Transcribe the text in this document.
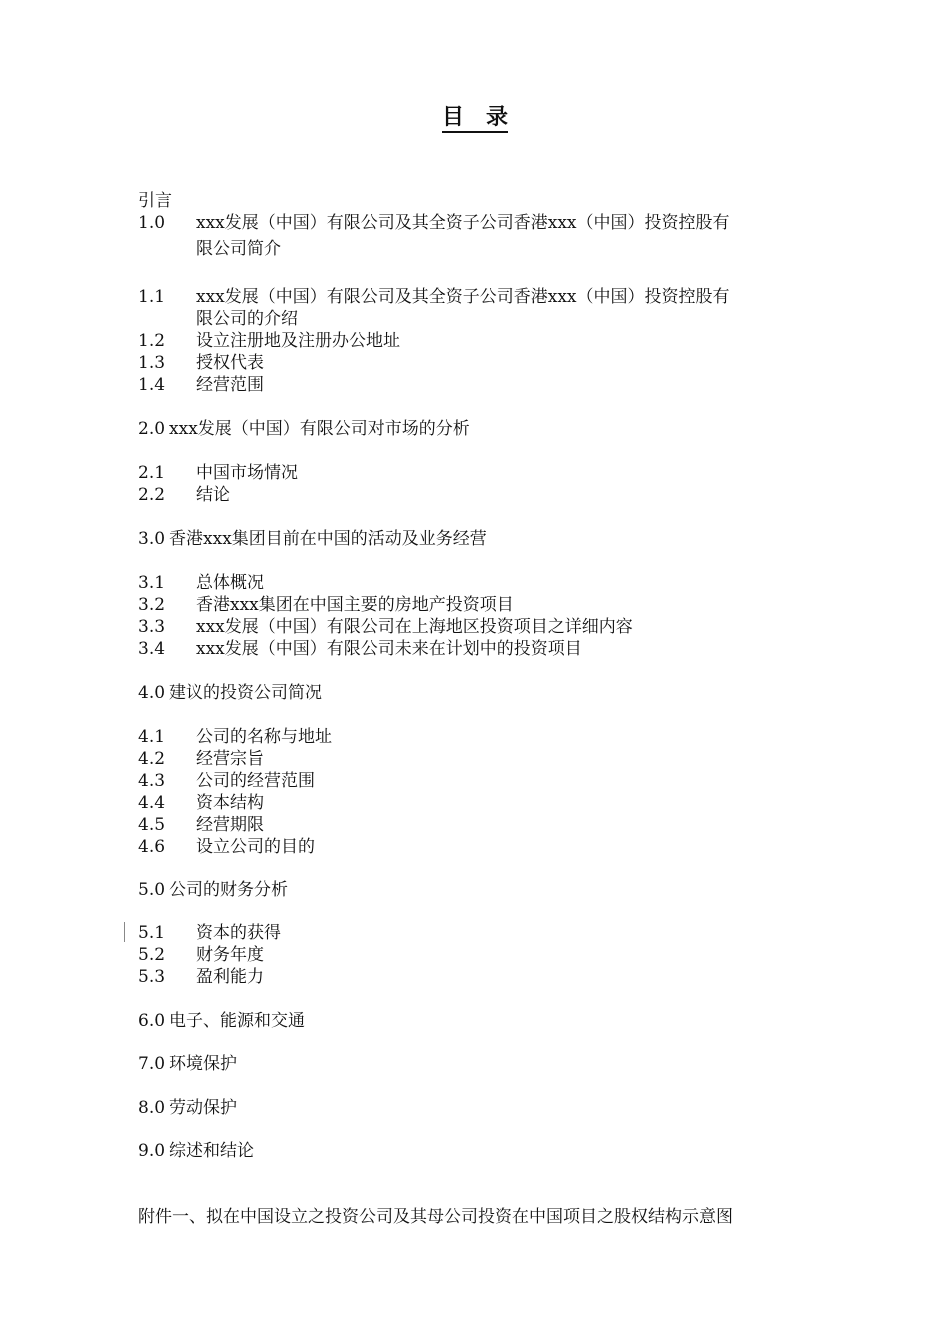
目　录
引言
1.0 xxx发展（中国）有限公司及其全资子公司香港xxx（中国）投资控股有
限公司简介
1.1 xxx发展（中国）有限公司及其全资子公司香港xxx（中国）投资控股有
限公司的介绍
1.2 设立注册地及注册办公地址
1.3 授权代表
1.4 经营范围
2.0 xxx发展（中国）有限公司对市场的分析
2.1 中国市场情况
2.2 结论
3.0 香港xxx集团目前在中国的活动及业务经营
3.1 总体概况
3.2 香港xxx集团在中国主要的房地产投资项目
3.3 xxx发展（中国）有限公司在上海地区投资项目之详细内容
3.4 xxx发展（中国）有限公司未来在计划中的投资项目
4.0 建议的投资公司简况
4.1 公司的名称与地址
4.2 经营宗旨
4.3 公司的经营范围
4.4 资本结构
4.5 经营期限
4.6 设立公司的目的
5.0 公司的财务分析
5.1 资本的获得
5.2 财务年度
5.3 盈利能力
6.0 电子、能源和交通
7.0 环境保护
8.0 劳动保护
9.0 综述和结论
附件一、拟在中国设立之投资公司及其母公司投资在中国项目之股权结构示意图
